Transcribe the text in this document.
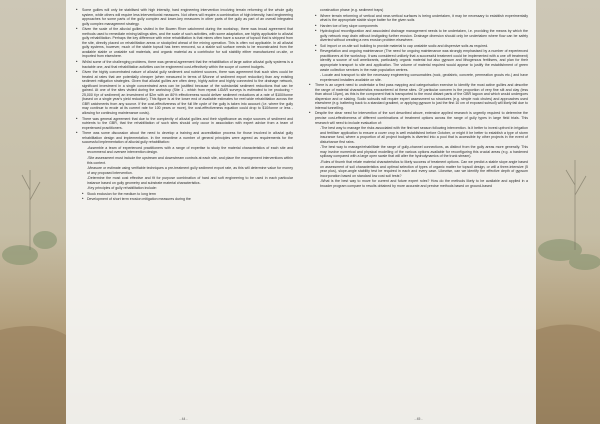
• Some gullies will only be stabilised with high intensity, hard engineering intervention involving terrain reforming of the whole gully system, while others will require less interventionist measures. Not others will require a combination of high intensity, hard engineering approaches for some parts of the gully complex and lower-key measures in other parts of the gully as part of an overall integrated gully complex management strategy.
• Given the scale of the alluvial gullies visited in the Bowen River catchment during the workshop, there was broad agreement that methods used to remediate mining tailings sites, and the scale of such activities, with some adaptation, are highly applicable to alluvial gully rehabilitation. Perhaps the key difference with mine rehabilitation is that mines often have a source of topsoil that is stripped from the site, directly placed on rehabilitation areas or stockpiled ahead of the mining operation. This is often not applicable. In all alluvial gully systems, however, much of the stable topsoil has been removed, so a stable soil surface needs to be reconstructed from the available stable or unstable soil materials, and organic material as a contributor for soil stability either manufactured on-site, or imported from elsewhere.
• Whilst some of the challenging problems, there was general agreement that the rehabilitation of large active alluvial gully systems is a tractable one, and that rehabilitation activities can be engineered cost-effectively within the scope of current budgets.
• Given the highly concentrated nature of alluvial gully sediment and nutrient sources, there was agreement that such sites could be treated at rates that are potentially cheaper (when measured in terms of $/tonne of sediment export reduction) than any existing sediment mitigation strategies. Given that alluvial gullies are often deep, highly active and highly connected to the drainage network, significant investment in a single concentrated area can be justified because of the substantial sediment reductions that can be gained. At one of the sites visited during the workshop (Site 1 - which from repeat LiDAR surveys is estimated to be producing ~ 25,000 t/yr of sediment) an investment of $2m with an 80% effectiveness would deliver sediment reductions at a rate of $100/tonne (based on a single year's yield reduction). This figure is at the lower end of available estimates for reef-wide rehabilitation across the GBR catchments from any source. If the cost-effectiveness of the full life cycle of the gully is taken into account (i.e. where the gully may continue to erode at its current rate for 100 years or more), the cost-effectiveness equation could drop to $10/tonne or less - allowing for continuing maintenance costs).
• There was general agreement that due to the complexity of alluvial gullies and their significance as major sources of sediment and nutrients to the GBR, that the rehabilitation of such sites should only occur in association with expert advice from a team of experienced practitioners.
• There was some discussion about the need to develop a training and accreditation process for those involved in alluvial gully rehabilitation design and implementation. In the meantime a number of general principles were agreed as requirements for the successful implementation of alluvial gully rehabilitation:
-Assemble a team of experienced practitioners with a range of expertise to study the material characteristics of each site and recommend and oversee intervention design.
-Site assessment must include the upstream and downstream controls at each site, and place the management interventions within this context.
-Measure or estimate using verifiable techniques a pre-treatment gully sediment export rate, as this will determine value for money of any proposed intervention.
-Determine the most cost effective and fit for purpose combination of hard and soft engineering to be used in each particular instance based on gully geometry and substrate material characteristics.
-Key principles of gully rehabilitation include:
• Stock exclusion for the medium to long term
• Development of short term erosion mitigation measures during the
- 44 -
construction phase (e.g. sediment traps)
• Where terrain reforming of vertical and near-vertical surfaces is being undertaken, it may be necessary to establish experimentally what is the appropriate stable slope batter for the given soils
• Harden toe of key slope components
• Hydrological reconfiguration and associated drainage management needs to be undertaken, i.e. providing the means by which the gully network may drain without instigating further erosion. Drainage diversion should only be undertaken where flow can be safely diverted without creating a new erosion problem elsewhere.
• Soil import or on-site soil building to provide material to cap unstable sodic and dispersive soils as required.
• Revegetation and ongoing maintenance (The need for ongoing maintenance was strongly emphasised by a number of experienced practitioners at the workshop. It was considered unlikely that a successful treatment could be implemented with a one off treatment) identify a source of soil ameliorants, particularly organic material but also gypsum and lithogenous fertilisers, and plan for their appropriate transport to site and application. The volume of material required would appear to justify the establishment of green waste collection services in the main population centres.
- Locate and transport to site the necessary engineering consumables (rock, geofabric, concrete, permeation grouts etc.) and have experienced installers available on site.
• There is an urgent need to undertake a first pass mapping and categorisation exercise to identify the most active gullies and describe the range of material characteristics encountered at these sites. Of particular concern is the proportion of very fine silt and clay (less than about 10µm), as this is the component that is transported to the most distant parts of the GBR lagoon and which would undergoes dispersion and or slaking. Sodic subsoils will require expert assessment so structures (e.g. simple rock chutes) and approaches used elsewhere (e.g. battering back to a standard gradient, or applying gypsum to just the first 10 cm of exposed subsoil) will likely fail due to internal tunnelling.
• Despite the clear need for intervention of the sort described above, extensive applied research is urgently required to determine the precise cost-effectiveness of different combinations of treatment options across the range of gully types in large field trials. This research will need to include evaluation of:
-The best way to manage the risks associated with the first wet season following intervention. Is it better to invest upfront in irrigation and fertiliser application to ensure a cover crop is well established before October, or might it be better to establish a type of storm insurance fund, where a proportion of all project budgets is diverted into a pool that is accessible by other projects in the event of disturbance first rains.
-The best way to manage/rehabilitate the range of gully-channel connections, as distinct from the gully areas more generally. This may involve numerical and physical modelling of the various options available for reconfiguring this crucial areas (e.g. a hardened spillway compared with a large open swale that will alter the hydrodynamics of the trunk stream).
-Rules of thumb that relate material characteristics to likely success of treatment options. Can we predict a stable slope angle based on assessment of soil characteristics and optimal selection of types of organic matter for topsoil design, or will a three-intensive (5 year plus), slope-angle stability test be required in each and every case. Likewise, can we identify the effective depth of gypsum incorporation based on standard low cost soil tests?
-What is the best way to move for current and future expert roles? How do the methods likely to be available and applied in a broader program compare to results obtained by more accurate and precise methods based on ground-based
- 45 -
